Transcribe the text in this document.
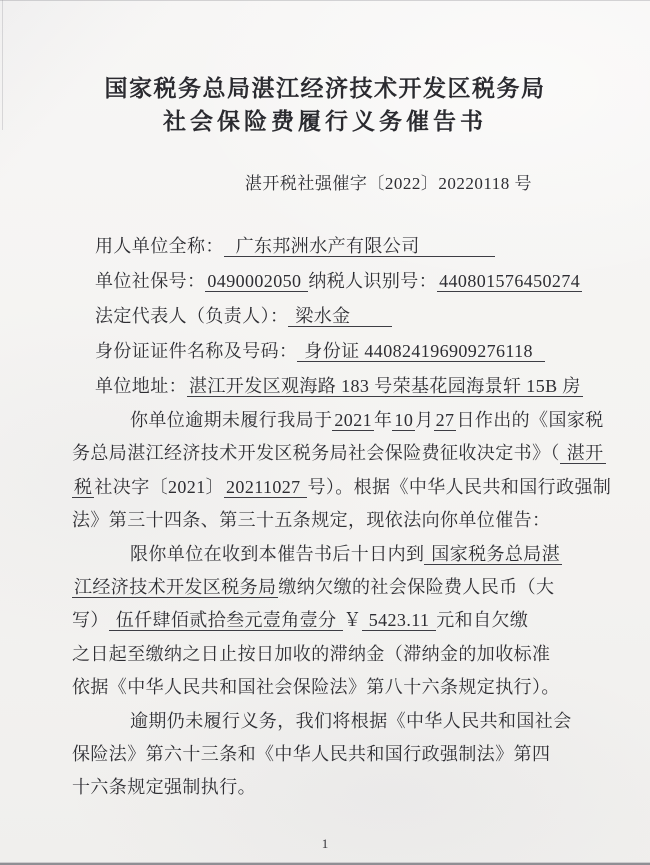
国家税务总局湛江经济技术开发区税务局
社会保险费履行义务催告书
湛开税社强催字〔2022〕20220118 号
用人单位全称：  广东邦洲水产有限公司
单位社保号： 0490002050 纳税人识别号： 440801576450274
法定代表人（负责人）： 梁水金
身份证证件名称及号码： 身份证 440824196909276118
单位地址： 湛江开发区观海路 183 号荣基花园海景轩 15B 房
你单位逾期未履行我局于 2021 年 10 月 27 日作出的《国家税
务总局湛江经济技术开发区税务局社会保险费征收决定书》（ 湛开
税 社决字〔2021〕 20211027 号）。根据《中华人民共和国行政强制
法》第三十四条、第三十五条规定，现依法向你单位催告：
限你单位在收到本催告书后十日内到 国家税务总局湛
江经济技术开发区税务局 缴纳欠缴的社会保险费人民币（大
写） 伍仟肆佰贰拾叁元壹角壹分 ￥ 5423.11 元和自欠缴
之日起至缴纳之日止按日加收的滞纳金（滞纳金的加收标准
依据《中华人民共和国社会保险法》第八十六条规定执行）。
逾期仍未履行义务，我们将根据《中华人民共和国社会
保险法》第六十三条和《中华人民共和国行政强制法》第四
十六条规定强制执行。
1
